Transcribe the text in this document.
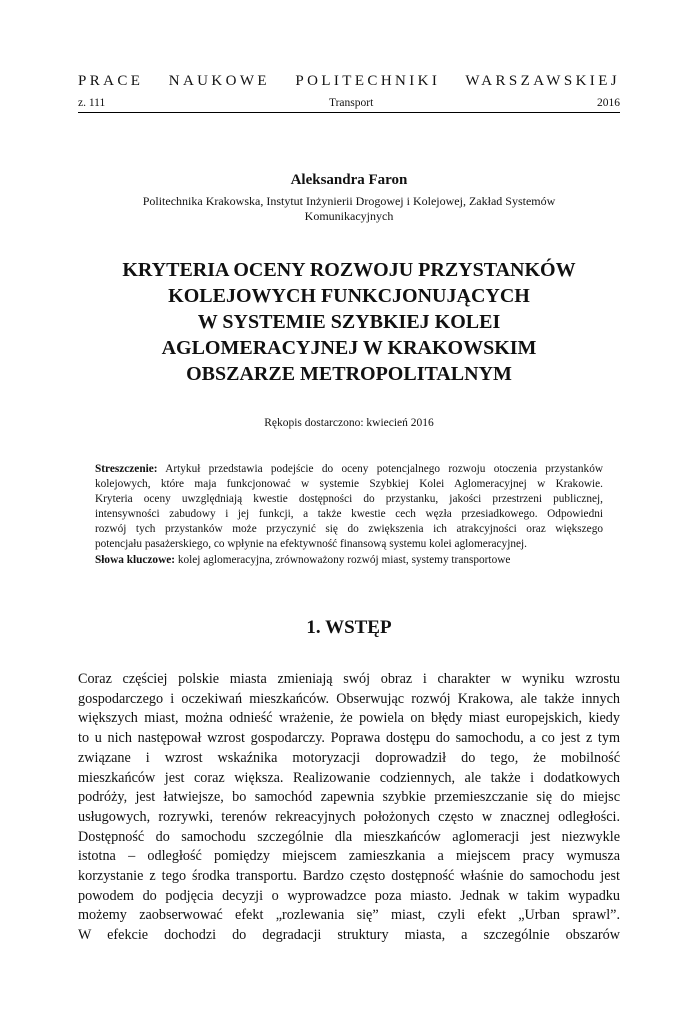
PRACE NAUKOWE POLITECHNIKI WARSZAWSKIEJ
z. 111	Transport	2016
Aleksandra Faron
Politechnika Krakowska, Instytut Inżynierii Drogowej i Kolejowej, Zakład Systemów
Komunikacyjnych
KRYTERIA OCENY ROZWOJU PRZYSTANKÓW
KOLEJOWYCH FUNKCJONUJĄCYCH
W SYSTEMIE SZYBKIEJ KOLEI
AGLOMERACYJNEJ W KRAKOWSKIM
OBSZARZE METROPOLITALNYM
Rękopis dostarczono: kwiecień 2016
Streszczenie: Artykuł przedstawia podejście do oceny potencjalnego rozwoju otoczenia przystanków
kolejowych, które maja funkcjonować w systemie Szybkiej Kolei Aglomeracyjnej w Krakowie.
Kryteria oceny uwzględniają kwestie dostępności do przystanku, jakości przestrzeni publicznej,
intensywności zabudowy i jej funkcji, a także kwestie cech węzła przesiadkowego. Odpowiedni
rozwój tych przystanków może przyczynić się do zwiększenia ich atrakcyjności oraz większego
potencjału pasażerskiego, co wpłynie na efektywność finansową systemu kolei aglomeracyjnej.
Słowa kluczowe: kolej aglomeracyjna, zrównoważony rozwój miast, systemy transportowe
1. WSTĘP
Coraz częściej polskie miasta zmieniają swój obraz i charakter w wyniku wzrostu
gospodarczego i oczekiwań mieszkańców. Obserwując rozwój Krakowa, ale także innych
większych miast, można odnieść wrażenie, że powiela on błędy miast europejskich, kiedy
to u nich następował wzrost gospodarczy. Poprawa dostępu do samochodu, a co jest z tym
związane i wzrost wskaźnika motoryzacji doprowadził do tego, że mobilność
mieszkańców jest coraz większa. Realizowanie codziennych, ale także i dodatkowych
podróży, jest łatwiejsze, bo samochód zapewnia szybkie przemieszczanie się do miejsc
usługowych, rozrywki, terenów rekreacyjnych położonych często w znacznej odległości.
Dostępność do samochodu szczególnie dla mieszkańców aglomeracji jest niezwykle
istotna – odległość pomiędzy miejscem zamieszkania a miejscem pracy wymusza
korzystanie z tego środka transportu. Bardzo często dostępność właśnie do samochodu jest
powodem do podjęcia decyzji o wyprowadzce poza miasto. Jednak w takim wypadku
możemy zaobserwować efekt „rozlewania się” miast, czyli efekt „Urban sprawl”.
W efekcie dochodzi do degradacji struktury miasta, a szczególnie obszarów
